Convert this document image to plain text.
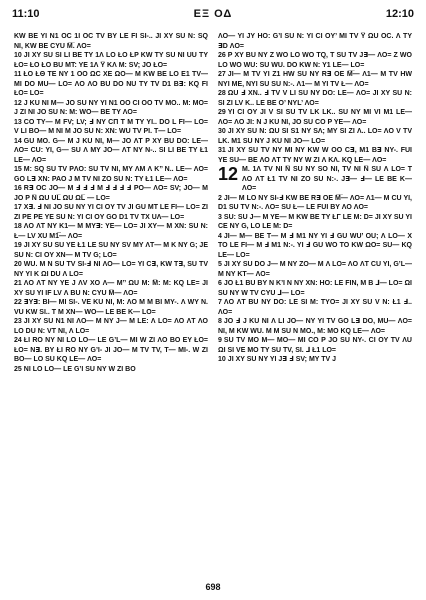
11:10	ΕΞ ΟΔ	12:10

KW BE YI N1 OC 1I OC TV BY LE FI SI-.. JI XY SU N: SQ NI, KW BE CYU M̅̅. ΛO=

10 JI XY SU SI LI BE TY 1Λ LO ŁO ŁP KW TY SU NI UU TY ŁO= ŁO ŁO BU MT: YE 1Λ Y̅ KΛ M: SV; JO ŁO=

11 ŁO ŁΘ TE NY 1 OO ΩC XE ΩO— M KW BE LO E1 TV— MI DO MU— LO= ΛO ΛO BU DO NU TY TV D1 B∃: KQ FI ŁO= LO=

12 J KU NI M— JO SU NY YI N1 OO CI OO TV MO.. M: MO= J ZI NI JO SU N: M: WO— BE TY ΛO=

13 CO TY— M FV; LV; Ⅎ NY CΠ T M TY YI.. DO L FI— LO= V LI BO— M NI M JO SU N: XN: WU TV PI. T— LO=

14 GU MO. G— M J KU NI, M— JO ΛT P XY BU DO: LE— ΛO= CU: YI, G— SU Λ MY JO— ΛT NY N-.. SI LI BE TY Ł1 LE— ΛO=

15 M: SQ SU TV PΛO: SU TV NI, MY ΛM Λ K’’ N.. LE— ΛO= GO L∃ XN: PAO J M TV NI ZO SU N: TY Ł1 LE— ΛO=

16 R∃ OC JO— M Ⅎ Ⅎ Ⅎ M Ⅎ Ⅎ Ⅎ Ⅎ PO— ΛO= SV; JO— M JO P N̅ ΩU UL̅ ΩU ΩL̅ — LO=

17 X∃. Ⅎ NI JO SU NY YI CI OY TV JI GU MT LE FI— LO= ZI ZI PE PE YE SU N: YI CI OY GO D1 TV TX UΛ— LO=

18 ΛO ΛT NY K1— M MY∃: YE— LO= JI XY— M XN: SU N: Ł— LV XU M1̅̅— ΛO=

19 JI XY SU SU YE Ł1 LE SU NY SV MY ΛT— M K NY G; JE SU N: CI OY XN— M TV G; LO=

20 WU. M N SU TV SI-Ⅎ NI ΛO— LO= YI C∃, KW T∃, SU TV NY YI K ΩI DU Λ LO=

21 ΛO ΛT NY YE J ΛV XO Λ— M’’ ΩU M: M̅: M: KQ LE= JI XY SU YI IF LV Λ BU N: CYU M̅— ΛO=

22 ∃Y∃: BI— MI SI-. VE KU NI, M: ΛO M M BI MY-. Λ WY N. VU KW SI.. T M XN— WO— LE BE K— LO=

23 JI XY SU N1 NI ΛO— M NY J— M LE: Λ LO= ΛO ΛT ΛO LO DU N: VT NI, Λ LO=

24 ŁI RO NY NI LO LO— LE G’L— MI W ZI ΛO BO EY ŁO= ŁO= N∃. BY ŁΙ RO NY G’I- JI JO— M TV TV, T— MI-. W ZI BO— LO SU KQ LE— ΛO=

25 NI LO LO— LE G’I SU NY W ZI BO

ΛO— YI JY HO: G’I SU N: YI CI OY’ MI TV Y̅ ΩU OC. Λ TY ∃D ΛO=

26 P XY BU NY Z WO LO WO TQ, T SU TV J∃— ΛO= Z WO LO WO WU: SU WU. DO KW N: Y1 LE— LO=

27 JI— M TV YI Z1 HW SU NY R∃ OE M̅̅— Λ1— M TV HW NYI ME, NYI SU SU N:-. Λ1— M YI TV Ł— ΛO=

28 ΩU Ⅎ XN.. Ⅎ TV V LI SU NY DO: LE— ΛO= JI XY SU N: SI ZI LV K.. LE BE O’ NYL’ ΛO=

29 YI CI OY JI V SI SU TV LK LK.. SU NY MI VI M1 LE— ΛO= ΛO JI: N J KU NI, JO SU CO P YE— ΛO=

30 JI XY SU N: ΩU SI S1 NY SΛ; MY SI ZI Λ.. LO= ΛO V TV LK. M1 SU NY J KU NI JO— LO=

31 JI XY SU TV NY MI NY KW W OO C∃, M1 B∃ NY-. FUI YE SU— BE ΛO ΛT TY NY W ZI Λ KΛ. KQ LE— ΛO=

12 M. 1Λ TV NI N̅ SU NY SO NI, TV NI N̅ SU Λ LO= T ΛO ΛT Ł1 TV NI ZO SU N:-. J∃— Ⅎ— LE BE K— ΛO=

2 JI— M LO NY SI-Ⅎ KW BE R∃ OE M̅̅— ΛO= Λ1— M CU YI, D1 SU TV N:-. ΛO= SU Ł— LE FUI BY ΛO ΛO=

3 SU: SU J— M YE— M KW BE TY ŁΓ LE M: D= JI XY SU YI CE NY G, LO LE M: D=

4 JI— M— BE T— M Ⅎ M1 NY YI Ⅎ GU WU’ OU; Λ LO— X TO LE FI— M Ⅎ M1 N:-. YI Ⅎ GU WO TO KW ΩO= SU— KQ LE— LO=

5 JI XY SU DO J— M NY ZO— M Λ LO= ΛO ΛT CU YI, G’L— M NY KT— ΛO=

6 JO Ł1 BU BY N K’I N NY XN: HO: LE FIN, M B ⅃— LO= ΩI SU NY W TV CYU ⅃— LO=

7 ΛO ΛT BU NY DO: LE SI M: TYO= JI XY SU V N: Ł1 Ⅎ.. ΛO=

8 JO Ⅎ J KU NI Λ LI JO— NY YI TV GO L∃ DO, MU— ΛO= NI, M KW WU. M M SU N MO., M: MO KQ LE— ΛO=

9 SU TV MO M— MO— MI CO P JO SU NY-. CI OY TV ΛU ΩI SI VE MO TY SU TV, SI. ⅃ Ł1 LO=

10 JI XY SU NY YI J∃ Ⅎ SV; MY TV J

698
